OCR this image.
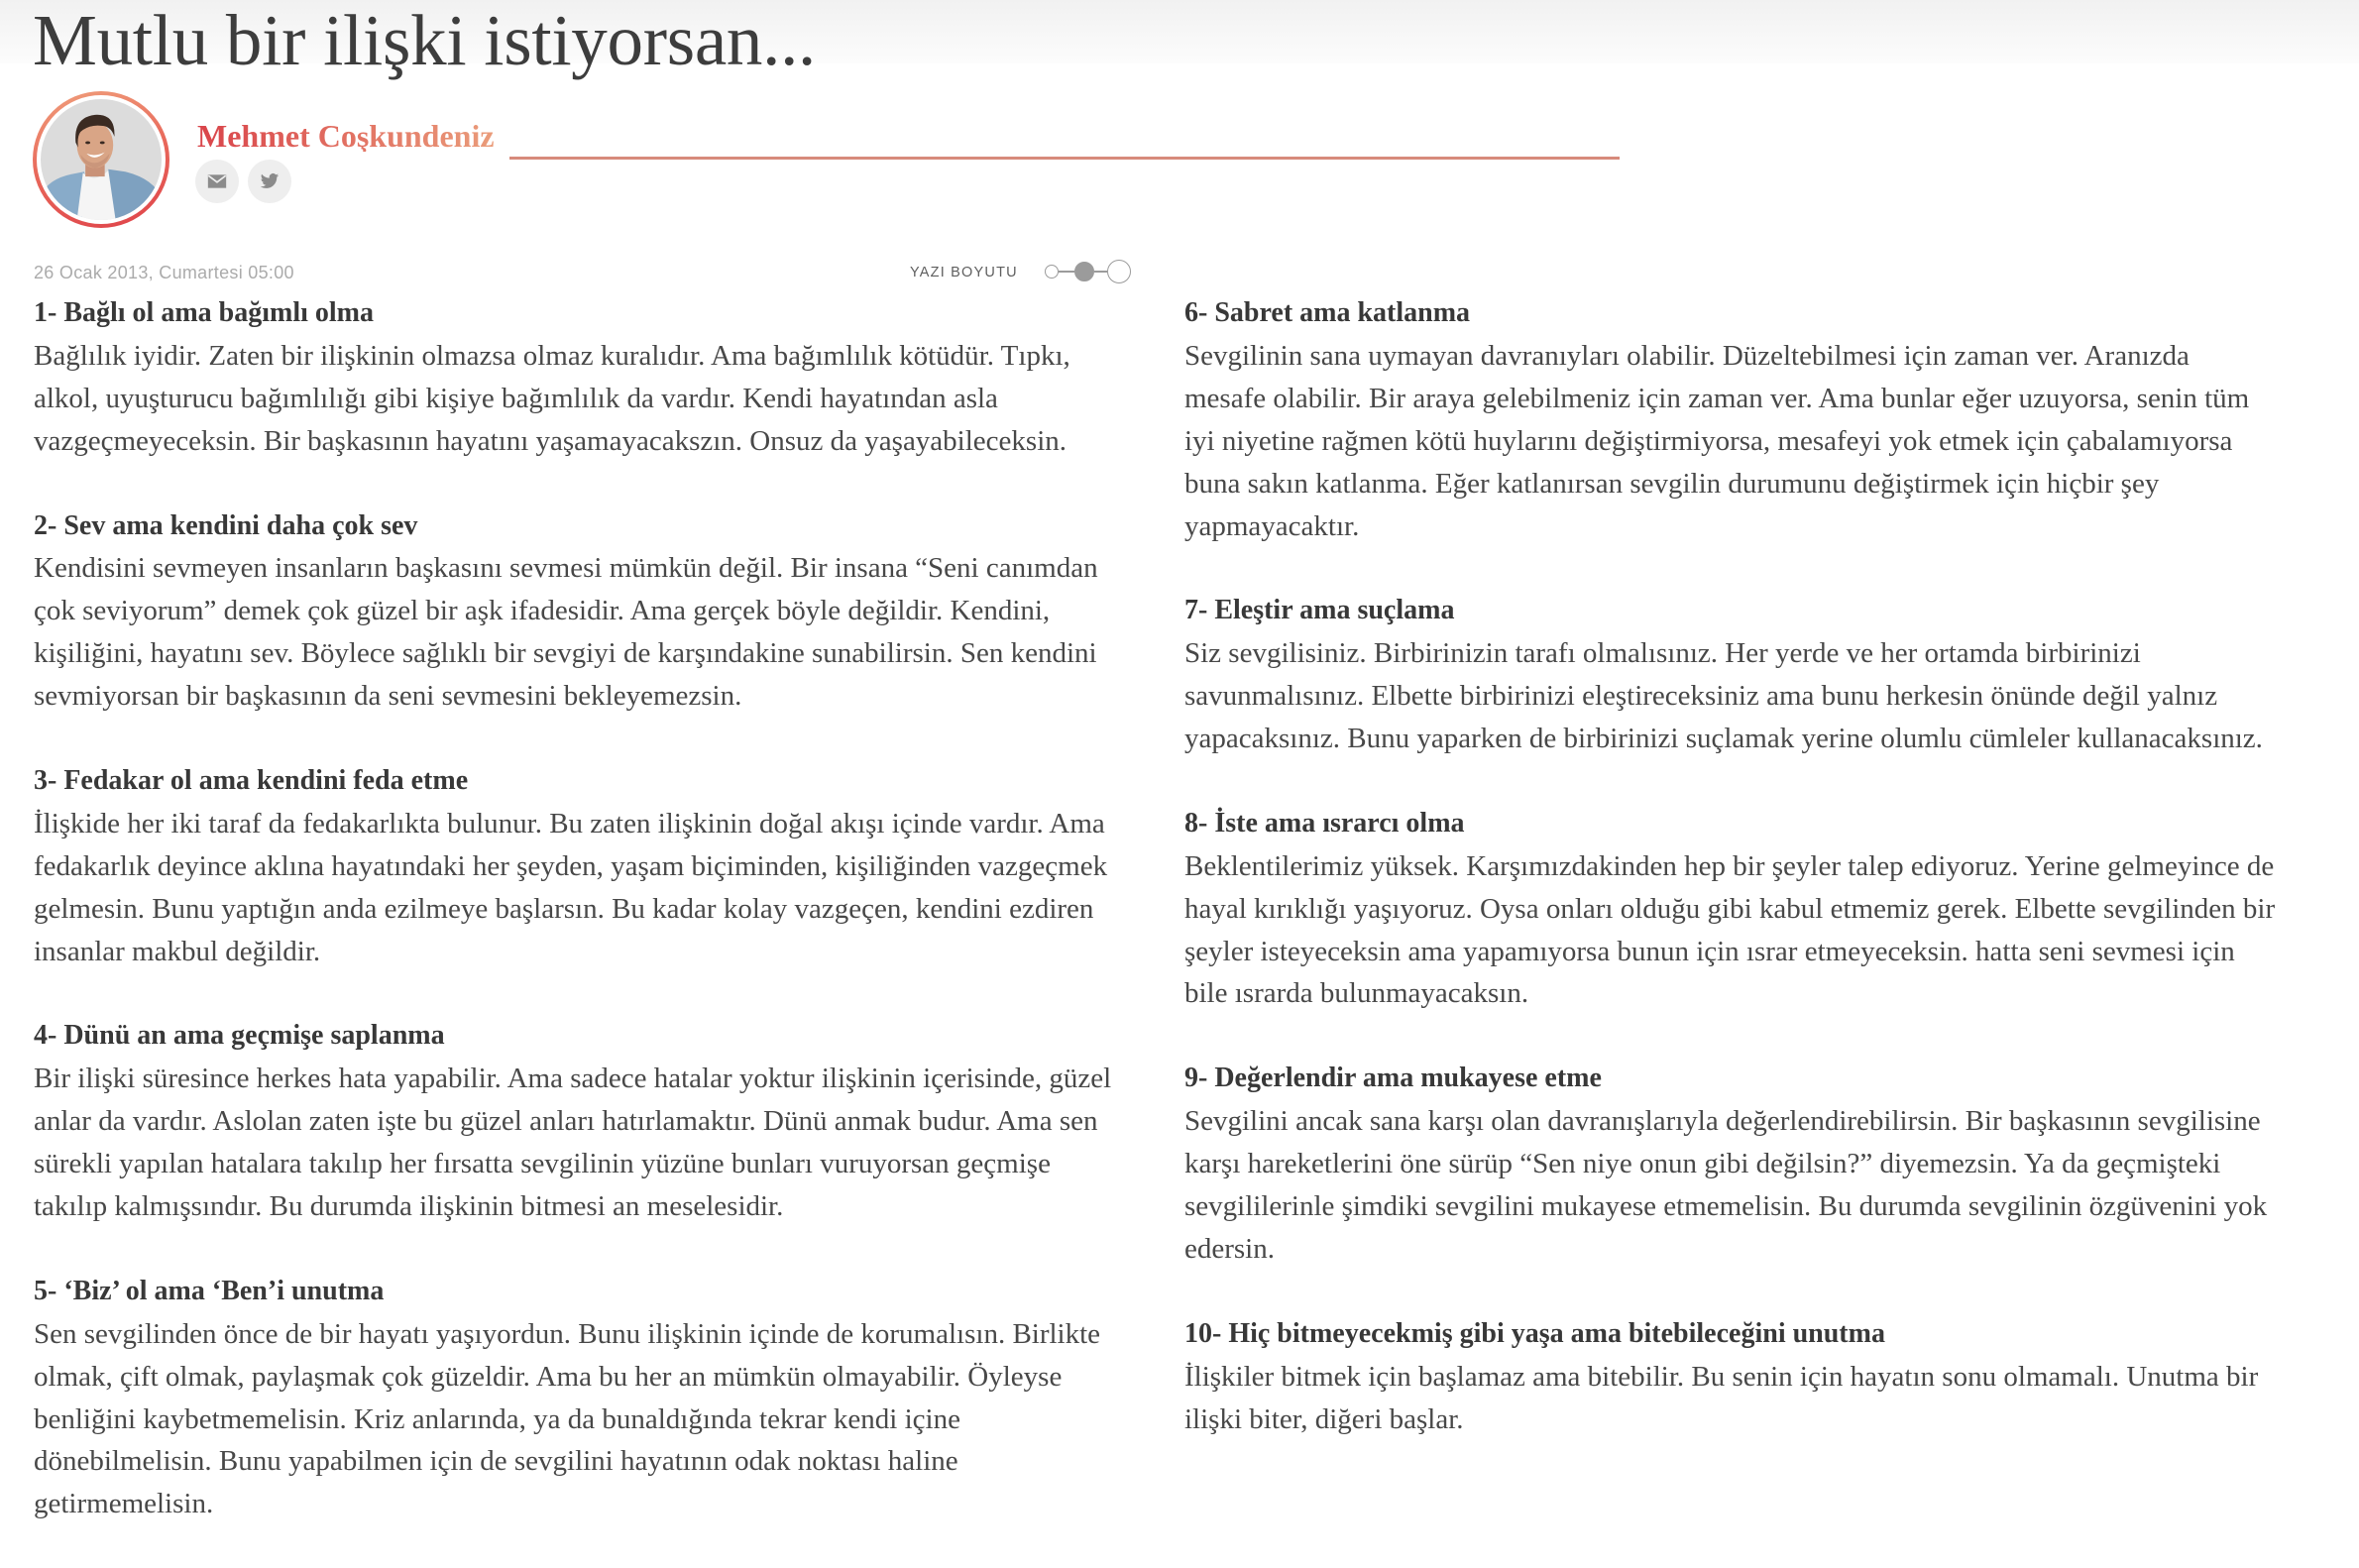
Mutlu bir ilişki istiyorsan...
Mehmet Coşkundeniz
26 Ocak 2013, Cumartesi 05:00	YAZI BOYUTU
1- Bağlı ol ama bağımlı olma
Bağlılık iyidir. Zaten bir ilişkinin olmazsa olmaz kuralıdır. Ama bağımlılık kötüdür. Tıpkı,
alkol, uyuşturucu bağımlılığı gibi kişiye bağımlılık da vardır. Kendi hayatından asla
vazgeçmeyeceksin. Bir başkasının hayatını yaşamayacakszın. Onsuz da yaşayabileceksin.
2- Sev ama kendini daha çok sev
Kendisini sevmeyen insanların başkasını sevmesi mümkün değil. Bir insana “Seni canımdan
çok seviyorum” demek çok güzel bir aşk ifadesidir. Ama gerçek böyle değildir. Kendini,
kişiliğini, hayatını sev. Böylece sağlıklı bir sevgiyi de karşındakine sunabilirsin. Sen kendini
sevmiyorsan bir başkasının da seni sevmesini bekleyemezsin.
3- Fedakar ol ama kendini feda etme
İlişkide her iki taraf da fedakarlıkta bulunur. Bu zaten ilişkinin doğal akışı içinde vardır. Ama
fedakarlık deyince aklına hayatındaki her şeyden, yaşam biçiminden, kişiliğinden vazgeçmek
gelmesin. Bunu yaptığın anda ezilmeye başlarsın. Bu kadar kolay vazgeçen, kendini ezdiren
insanlar makbul değildir.
4- Dünü an ama geçmişe saplanma
Bir ilişki süresince herkes hata yapabilir. Ama sadece hatalar yoktur ilişkinin içerisinde, güzel
anlar da vardır. Aslolan zaten işte bu güzel anları hatırlamaktır. Dünü anmak budur. Ama sen
sürekli yapılan hatalara takılıp her fırsatta sevgilinin yüzüne bunları vuruyorsan geçmişe
takılıp kalmışsındır. Bu durumda ilişkinin bitmesi an meselesidir.
5- ‘Biz’ ol ama ‘Ben’i unutma
Sen sevgilinden önce de bir hayatı yaşıyordun. Bunu ilişkinin içinde de korumalısın. Birlikte
olmak, çift olmak, paylaşmak çok güzeldir. Ama bu her an mümkün olmayabilir. Öyleyse
benliğini kaybetmemelisin. Kriz anlarında, ya da bunaldığında tekrar kendi içine
dönebilmelisin. Bunu yapabilmen için de sevgilini hayatının odak noktası haline
getirmemelisin.
6- Sabret ama katlanma
Sevgilinin sana uymayan davranıyları olabilir. Düzeltebilmesi için zaman ver. Aranızda
mesafe olabilir. Bir araya gelebilmeniz için zaman ver. Ama bunlar eğer uzuyorsa, senin tüm
iyi niyetine rağmen kötü huylarını değiştirmiyorsa, mesafeyi yok etmek için çabalamıyorsa
buna sakın katlanma. Eğer katlanırsan sevgilin durumunu değiştirmek için hiçbir şey
yapmayacaktır.
7- Eleştir ama suçlama
Siz sevgilisiniz. Birbirinizin tarafı olmalısınız. Her yerde ve her ortamda birbirinizi
savunmalısınız. Elbette birbirinizi eleştireceksiniz ama bunu herkesin önünde değil yalnız
yapacaksınız. Bunu yaparken de birbirinizi suçlamak yerine olumlu cümleler kullanacaksınız.
8- İste ama ısrarcı olma
Beklentilerimiz yüksek. Karşımızdakinden hep bir şeyler talep ediyoruz. Yerine gelmeyince de
hayal kırıklığı yaşıyoruz. Oysa onları olduğu gibi kabul etmemiz gerek. Elbette sevgilinden bir
şeyler isteyeceksin ama yapamıyorsa bunun için ısrar etmeyeceksin. hatta seni sevmesi için
bile ısrarda bulunmayacaksın.
9- Değerlendir ama mukayese etme
Sevgilini ancak sana karşı olan davranışlarıyla değerlendirebilirsin. Bir başkasının sevgilisine
karşı hareketlerini öne sürüp “Sen niye onun gibi değilsin?” diyemezsin. Ya da geçmişteki
sevgililerinle şimdiki sevgilini mukayese etmemelisin. Bu durumda sevgilinin özgüvenini yok
edersin.
10- Hiç bitmeyecekmiş gibi yaşa ama bitebileceğini unutma
İlişkiler bitmek için başlamaz ama bitebilir. Bu senin için hayatın sonu olmamalı. Unutma bir
ilişki biter, diğeri başlar.
